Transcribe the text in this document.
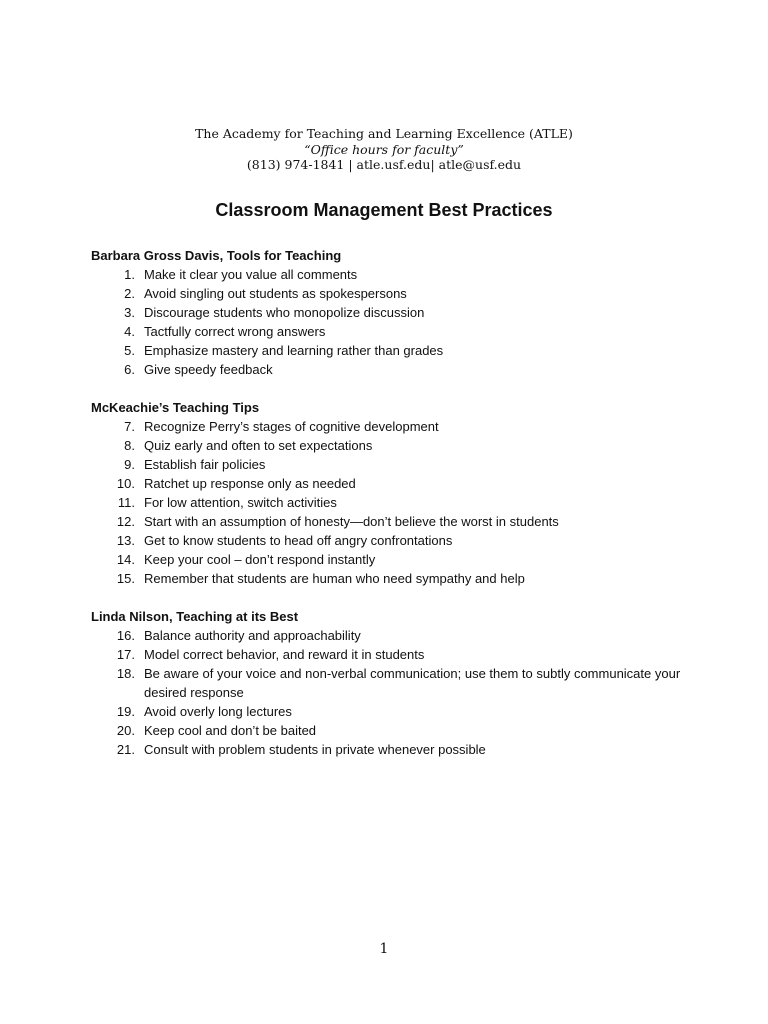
The Academy for Teaching and Learning Excellence (ATLE)
“Office hours for faculty”
(813) 974-1841 | atle.usf.edu| atle@usf.edu
Classroom Management Best Practices
Barbara Gross Davis, Tools for Teaching
1. Make it clear you value all comments
2. Avoid singling out students as spokespersons
3. Discourage students who monopolize discussion
4. Tactfully correct wrong answers
5. Emphasize mastery and learning rather than grades
6. Give speedy feedback
McKeachie’s Teaching Tips
7. Recognize Perry’s stages of cognitive development
8. Quiz early and often to set expectations
9. Establish fair policies
10. Ratchet up response only as needed
11. For low attention, switch activities
12. Start with an assumption of honesty—don’t believe the worst in students
13. Get to know students to head off angry confrontations
14. Keep your cool – don’t respond instantly
15. Remember that students are human who need sympathy and help
Linda Nilson, Teaching at its Best
16. Balance authority and approachability
17. Model correct behavior, and reward it in students
18. Be aware of your voice and non-verbal communication; use them to subtly communicate your desired response
19. Avoid overly long lectures
20. Keep cool and don’t be baited
21. Consult with problem students in private whenever possible
1
